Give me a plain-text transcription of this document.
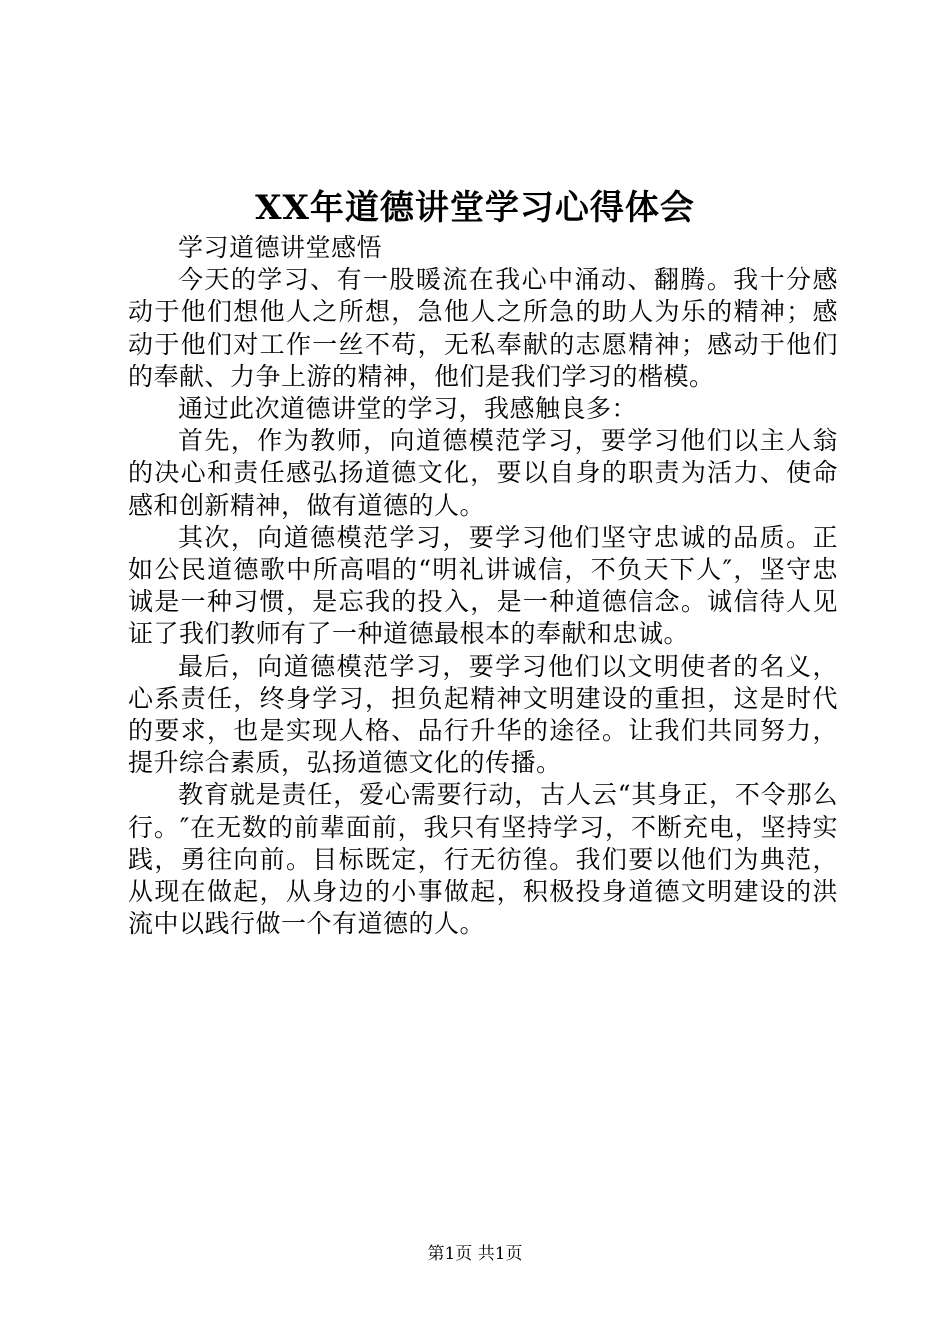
XX年道德讲堂学习心得体会

学习道德讲堂感悟

今天的学习、有一股暖流在我心中涌动、翻腾。我十分感动于他们想他人之所想，急他人之所急的助人为乐的精神；感动于他们对工作一丝不苟，无私奉献的志愿精神；感动于他们的奉献、力争上游的精神，他们是我们学习的楷模。

通过此次道德讲堂的学习，我感触良多：

首先，作为教师，向道德模范学习，要学习他们以主人翁的决心和责任感弘扬道德文化，要以自身的职责为活力、使命感和创新精神，做有道德的人。

其次，向道德模范学习，要学习他们坚守忠诚的品质。正如公民道德歌中所高唱的“明礼讲诚信，不负天下人″，坚守忠诚是一种习惯，是忘我的投入，是一种道德信念。诚信待人见证了我们教师有了一种道德最根本的奉献和忠诚。

最后，向道德模范学习，要学习他们以文明使者的名义，心系责任，终身学习，担负起精神文明建设的重担，这是时代的要求，也是实现人格、品行升华的途径。让我们共同努力，提升综合素质，弘扬道德文化的传播。

教育就是责任，爱心需要行动，古人云“其身正，不令那么行。″在无数的前辈面前，我只有坚持学习，不断充电，坚持实践，勇往向前。目标既定，行无彷徨。我们要以他们为典范，从现在做起，从身边的小事做起，积极投身道德文明建设的洪流中以践行做一个有道德的人。

第1页 共1页
